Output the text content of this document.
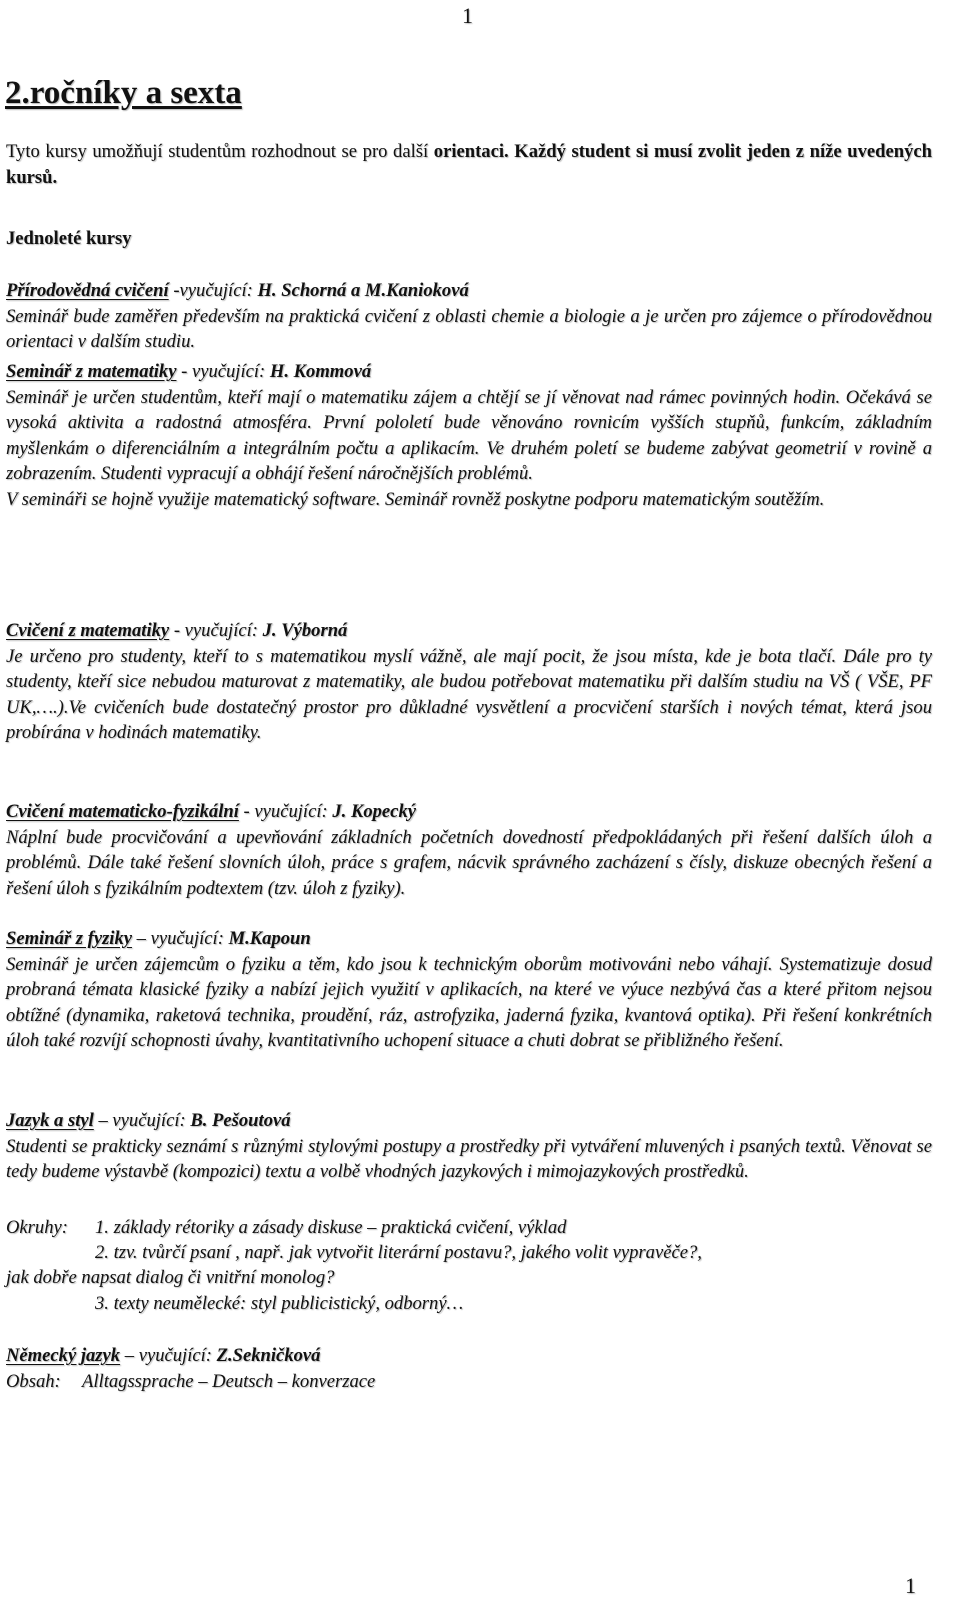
1
2.ročníky a sexta

Tyto kursy umožňují studentům rozhodnout se pro další orientaci. Každý student si musí zvolit jeden z níže uvedených kursů.

Jednoleté kursy

Přírodovědná cvičení -vyučující: H. Schorná a M.Kanioková
Seminář bude zaměřen především na praktická cvičení z oblasti chemie a biologie a je určen pro zájemce o přírodovědnou orientaci v dalším studiu.
Seminář z matematiky - vyučující: H. Kommová
Seminář je určen studentům, kteří mají o matematiku zájem a chtějí se jí věnovat nad rámec povinných hodin. Očekává se vysoká aktivita a radostná atmosféra. První pololetí bude věnováno rovnicím vyšších stupňů, funkcím, základním myšlenkám o diferenciálním a integrálním počtu a aplikacím. Ve druhém poletí se budeme zabývat geometrií v rovině a zobrazením. Studenti vypracují a obhájí řešení náročnějších problémů.
V semináři se hojně využije matematický software. Seminář rovněž poskytne podporu matematickým soutěžím.
Cvičení z matematiky - vyučující: J. Výborná
Je určeno pro studenty, kteří to s matematikou myslí vážně, ale mají pocit, že jsou místa, kde je bota tlačí. Dále pro ty studenty, kteří sice nebudou maturovat z matematiky, ale budou potřebovat matematiku při dalším studiu na VŠ ( VŠE, PF UK,….).Ve cvičeních bude dostatečný prostor pro důkladné vysvětlení a procvičení starších i nových témat, která jsou probírána v hodinách matematiky.
Cvičení matematicko-fyzikální - vyučující: J. Kopecký
Náplní bude procvičování a upevňování základních početních dovedností předpokládaných při řešení dalších úloh a problémů. Dále také řešení slovních úloh, práce s grafem, nácvik správného zacházení s čísly, diskuze obecných řešení a řešení úloh s fyzikálním podtextem (tzv. úloh z fyziky).
Seminář z fyziky – vyučující: M.Kapoun
Seminář je určen zájemcům o fyziku a těm, kdo jsou k technickým oborům motivováni nebo váhají. Systematizuje dosud probraná témata klasické fyziky a nabízí jejich využití v aplikacích, na které ve výuce nezbývá čas a které přitom nejsou obtížné (dynamika, raketová technika, proudění, ráz, astrofyzika, jaderná fyzika, kvantová optika). Při řešení konkrétních úloh také rozvíjí schopnosti úvahy, kvantitativního uchopení situace a chuti dobrat se přibližného řešení.
Jazyk a styl – vyučující: B. Pešoutová
Studenti se prakticky seznámí s různými stylovými postupy a prostředky při vytváření mluvených i psaných textů. Věnovat se tedy budeme výstavbě (kompozici) textu a volbě vhodných jazykových i mimojazykových prostředků.
Okruhy: 1. základy rétoriky a zásady diskuse – praktická cvičení, výklad
2. tzv. tvůrčí psaní , např. jak vytvořit literární postavu?, jakého volit vypravěče?,
jak dobře napsat dialog či vnitřní monolog?
3. texty neumělecké: styl publicistický, odborný…
Německý jazyk – vyučující: Z.Sekničková
Obsah: Alltagssprache – Deutsch – konverzace
1
